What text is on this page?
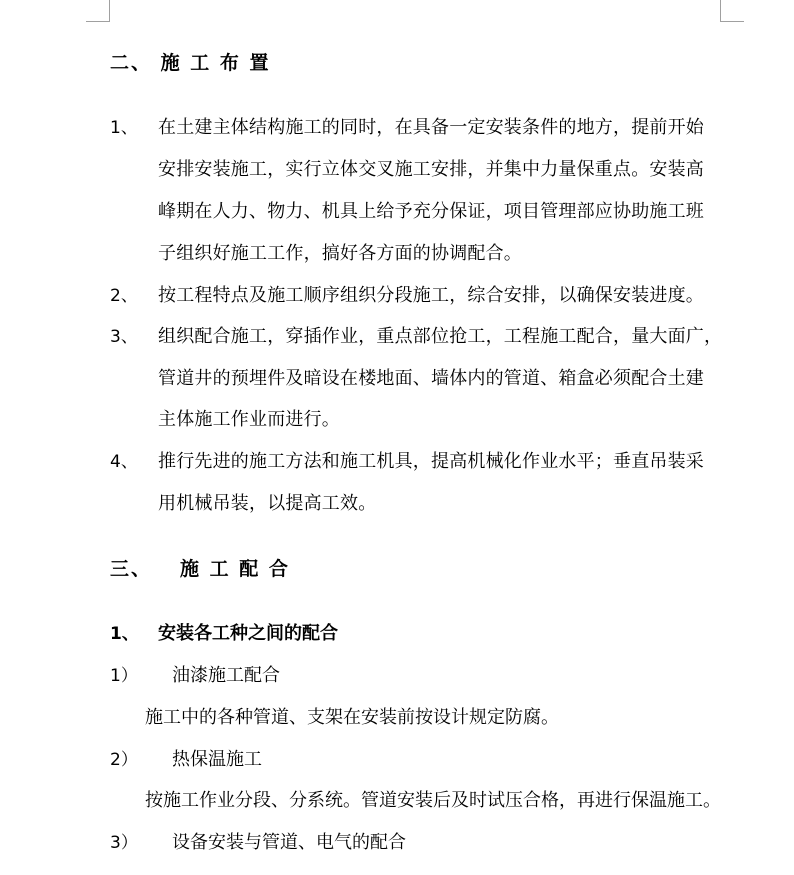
二、 施 工 布 置
1、 在土建主体结构施工的同时，在具备一定安装条件的地方，提前开始
安排安装施工，实行立体交叉施工安排，并集中力量保重点。安装高
峰期在人力、物力、机具上给予充分保证，项目管理部应协助施工班
子组织好施工工作，搞好各方面的协调配合。
2、 按工程特点及施工顺序组织分段施工，综合安排，以确保安装进度。
3、 组织配合施工，穿插作业，重点部位抢工，工程施工配合，量大面广，
管道井的预埋件及暗设在楼地面、墙体内的管道、箱盒必须配合土建
主体施工作业而进行。
4、 推行先进的施工方法和施工机具，提高机械化作业水平；垂直吊装采
用机械吊装，以提高工效。
三、 施 工 配 合
1、 安装各工种之间的配合
1） 油漆施工配合
施工中的各种管道、支架在安装前按设计规定防腐。
2） 热保温施工
按施工作业分段、分系统。管道安装后及时试压合格，再进行保温施工。
3） 设备安装与管道、电气的配合
